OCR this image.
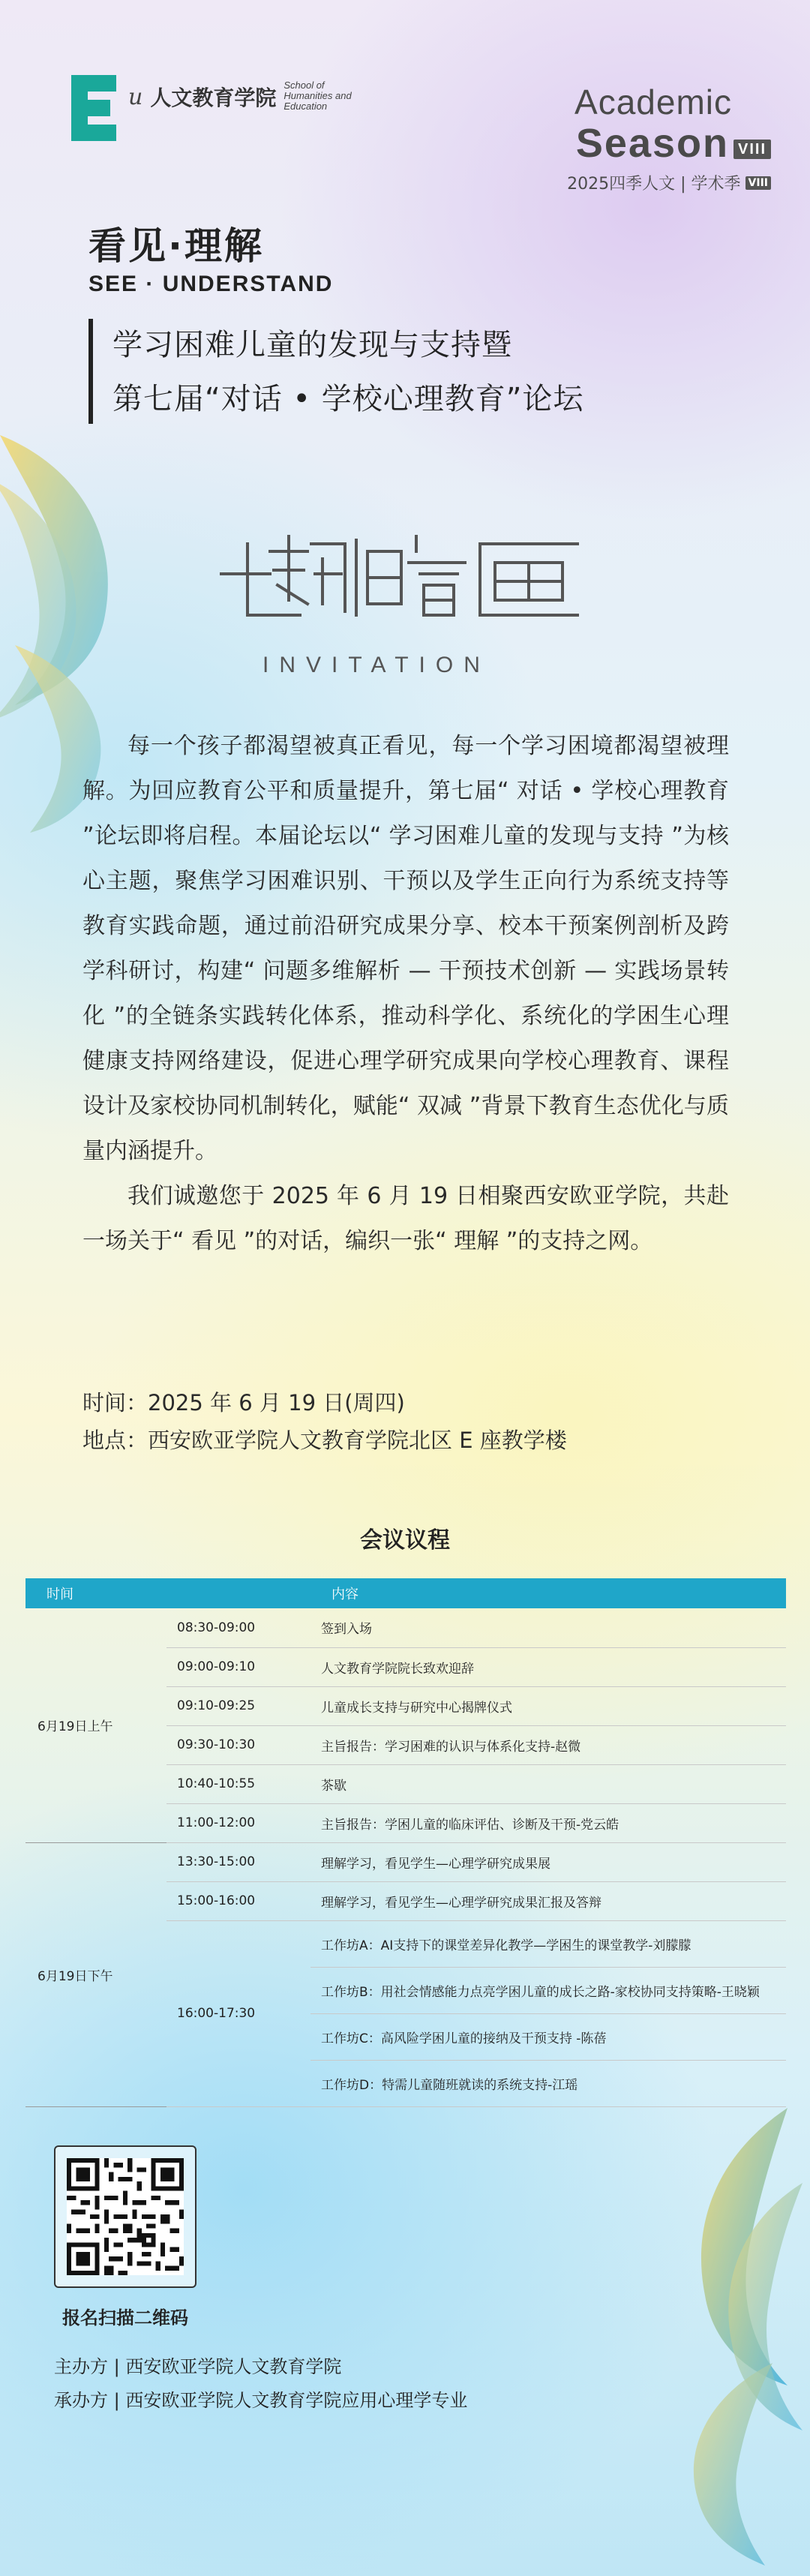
u 人文教育学院
School of
Humanities and
Education	Academic
Season VIII
2025四季人文 | 学术季 VIII
看见·理解
SEE · UNDERSTAND
学习困难儿童的发现与支持暨
第七届“对话 • 学校心理教育”论坛
INVITATION

每一个孩子都渴望被真正看见，每一个学习困境都渴望被理解。为回应教育公平和质量提升，第七届“ 对话 • 学校心理教育 ”论坛即将启程。本届论坛以“ 学习困难儿童的发现与支持 ”为核心主题，聚焦学习困难识别、干预以及学生正向行为系统支持等教育实践命题，通过前沿研究成果分享、校本干预案例剖析及跨学科研讨，构建“ 问题多维解析 — 干预技术创新 — 实践场景转化 ”的全链条实践转化体系，推动科学化、系统化的学困生心理健康支持网络建设，促进心理学研究成果向学校心理教育、课程设计及家校协同机制转化，赋能“ 双减 ”背景下教育生态优化与质量内涵提升。

我们诚邀您于 2025 年 6 月 19 日相聚西安欧亚学院，共赴一场关于“ 看见 ”的对话，编织一张“ 理解 ”的支持之网。

时间：2025 年 6 月 19 日(周四)
地点：西安欧亚学院人文教育学院北区 E 座教学楼
会议议程
时间		内容
6月19日上午	08:30-09:00	签到入场
	09:00-09:10	人文教育学院院长致欢迎辞
	09:10-09:25	儿童成长支持与研究中心揭牌仪式
	09:30-10:30	主旨报告：学习困难的认识与体系化支持-赵微
	10:40-10:55	茶歇
	11:00-12:00	主旨报告：学困儿童的临床评估、诊断及干预-党云皓
6月19日下午	13:30-15:00	理解学习，看见学生—心理学研究成果展
	15:00-16:00	理解学习，看见学生—心理学研究成果汇报及答辩
	16:00-17:30	工作坊A：AI支持下的课堂差异化教学—学困生的课堂教学-刘朦朦
		工作坊B：用社会情感能力点亮学困儿童的成长之路-家校协同支持策略-王晓颖
		工作坊C：高风险学困儿童的接纳及干预支持 -陈蓓
		工作坊D：特需儿童随班就读的系统支持-江瑶
报名扫描二维码
主办方 | 西安欧亚学院人文教育学院
承办方 | 西安欧亚学院人文教育学院应用心理学专业
